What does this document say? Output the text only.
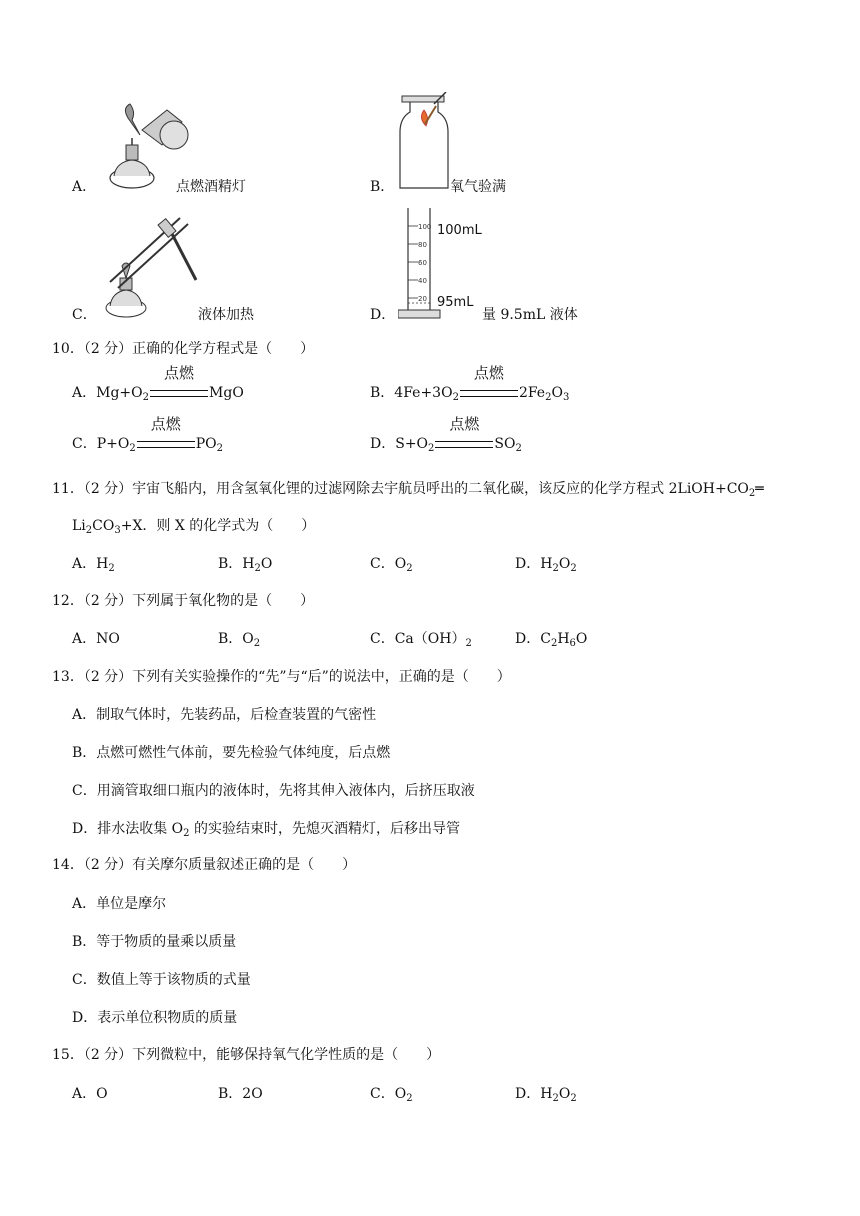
A．	点燃酒精灯	B．	氧气验满
C．	液体加热
100
80
60
40
20
100mL
95mL
D．	量 9.5mL 液体
10．（2 分）正确的化学方程式是（　　）
A．$Mg+O_2$
点燃
MgO	B．$4Fe+3O_2$
点燃
$2Fe_2O_3$
C．$P+O_2$
点燃
$PO_2$	D．$S+O_2$
点燃
$SO_2$
11．（2 分）宇宙飞船内，用含氢氧化锂的过滤网除去宇航员呼出的二氧化碳，该反应的化学方程式 $2LiOH+CO_2═$
$Li_2CO_3+X$．则 X 的化学式为（　　）
A．$H_2$	B．$H_2O$	C．$O_2$	D．$H_2O_2$
12．（2 分）下列属于氧化物的是（　　）
A．NO	B．$O_2$	C．$Ca(OH)_2$	D．$C_2H_6O$
13．（2 分）下列有关实验操作的“先”与“后”的说法中，正确的是（　　）
A．制取气体时，先装药品，后检查装置的气密性
B．点燃可燃性气体前，要先检验气体纯度，后点燃
C．用滴管取细口瓶内的液体时，先将其伸入液体内，后挤压取液
D．排水法收集 $O_2$ 的实验结束时，先熄灭酒精灯，后移出导管
14．（2 分）有关摩尔质量叙述正确的是（　　）
A．单位是摩尔
B．等于物质的量乘以质量
C．数值上等于该物质的式量
D．表示单位积物质的质量
15．（2 分）下列微粒中，能够保持氧气化学性质的是（　　）
A．O	B．2O	C．$O_2$	D．$H_2O_2$
